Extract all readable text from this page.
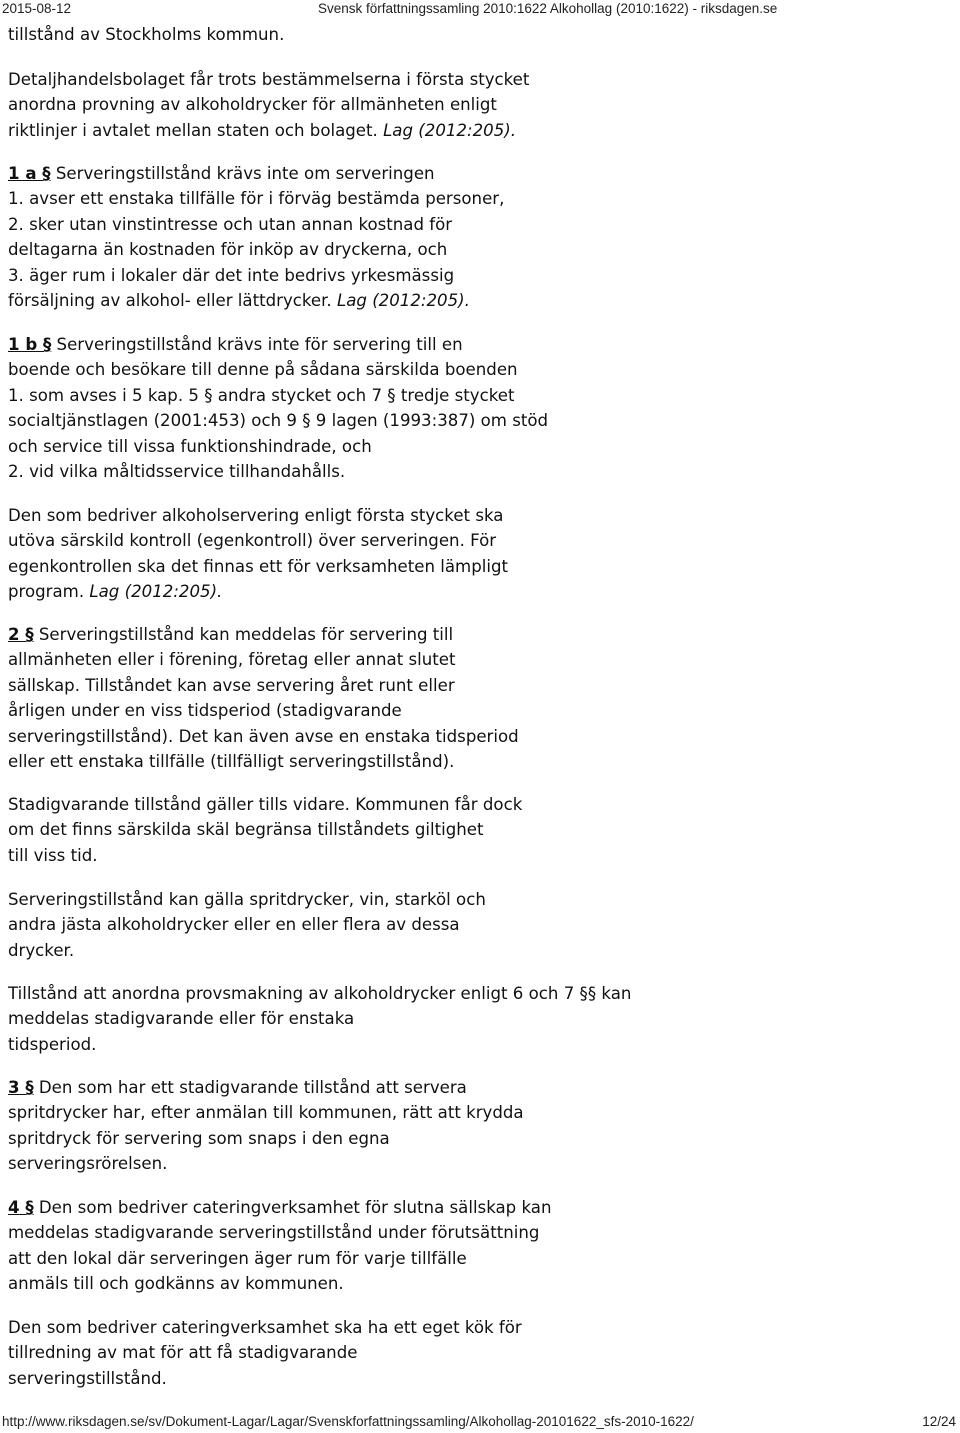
2015-08-12	Svensk författningssamling 2010:1622 Alkohollag (2010:1622) - riksdagen.se
tillstånd av Stockholms kommun.
Detaljhandelsbolaget får trots bestämmelserna i första stycket
anordna provning av alkoholdrycker för allmänheten enligt
riktlinjer i avtalet mellan staten och bolaget. Lag (2012:205).
1 a § Serveringstillstånd krävs inte om serveringen
1. avser ett enstaka tillfälle för i förväg bestämda personer,
2. sker utan vinstintresse och utan annan kostnad för
deltagarna än kostnaden för inköp av dryckerna, och
3. äger rum i lokaler där det inte bedrivs yrkesmässig
försäljning av alkohol- eller lättdrycker. Lag (2012:205).
1 b § Serveringstillstånd krävs inte för servering till en
boende och besökare till denne på sådana särskilda boenden
1. som avses i 5 kap. 5 § andra stycket och 7 § tredje stycket
socialtjänstlagen (2001:453) och 9 § 9 lagen (1993:387) om stöd
och service till vissa funktionshindrade, och
2. vid vilka måltidsservice tillhandahålls.
Den som bedriver alkoholservering enligt första stycket ska
utöva särskild kontroll (egenkontroll) över serveringen. För
egenkontrollen ska det finnas ett för verksamheten lämpligt
program. Lag (2012:205).
2 § Serveringstillstånd kan meddelas för servering till
allmänheten eller i förening, företag eller annat slutet
sällskap. Tillståndet kan avse servering året runt eller
årligen under en viss tidsperiod (stadigvarande
serveringstillstånd). Det kan även avse en enstaka tidsperiod
eller ett enstaka tillfälle (tillfälligt serveringstillstånd).
Stadigvarande tillstånd gäller tills vidare. Kommunen får dock
om det finns särskilda skäl begränsa tillståndets giltighet
till viss tid.
Serveringstillstånd kan gälla spritdrycker, vin, starköl och
andra jästa alkoholdrycker eller en eller flera av dessa
drycker.
Tillstånd att anordna provsmakning av alkoholdrycker enligt 6 och 7 §§ kan
meddelas stadigvarande eller för enstaka
tidsperiod.
3 § Den som har ett stadigvarande tillstånd att servera
spritdrycker har, efter anmälan till kommunen, rätt att krydda
spritdryck för servering som snaps i den egna
serveringsrörelsen.
4 § Den som bedriver cateringverksamhet för slutna sällskap kan
meddelas stadigvarande serveringstillstånd under förutsättning
att den lokal där serveringen äger rum för varje tillfälle
anmäls till och godkänns av kommunen.
Den som bedriver cateringverksamhet ska ha ett eget kök för
tillredning av mat för att få stadigvarande
serveringstillstånd.
http://www.riksdagen.se/sv/Dokument-Lagar/Lagar/Svenskforfattningssamling/Alkohollag-20101622_sfs-2010-1622/	12/24
